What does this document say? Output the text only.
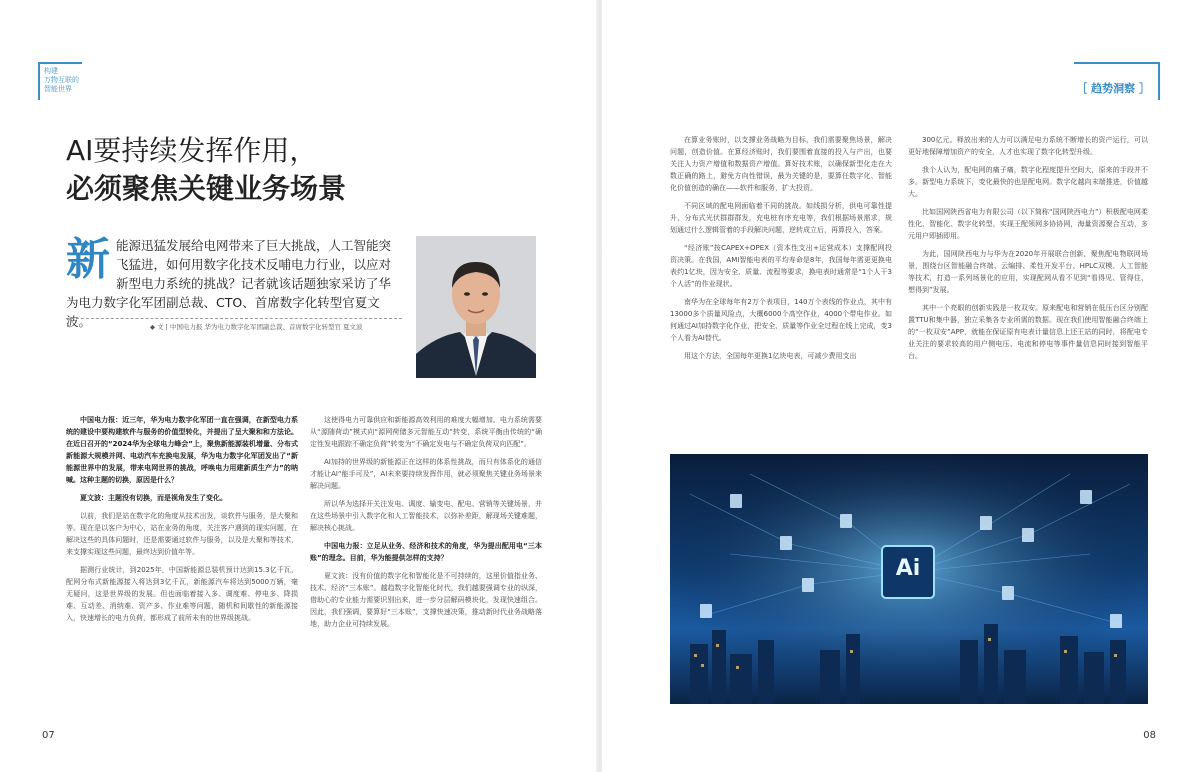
构建
万物互联的
智能世界
AI要持续发挥作用，
必须聚焦关键业务场景
新 能源迅猛发展给电网带来了巨大挑战，人工智能突飞猛进，如何用数字化技术反哺电力行业，以应对新型电力系统的挑战？记者就该话题独家采访了华为电力数字化军团副总裁、CTO、首席数字化转型官夏文波。	◆ 文 | 中国电力报 华为电力数字化军团副总裁、首席数字化转型官 夏文波

中国电力报：近三年，华为电力数字化军团一直在强调，在新型电力系统的建设中要构建软件与服务的价值型转化，并提出了呈大聚和和方法论。在近日召开的“2024华为全球电力峰会”上，聚焦新能源装机增量、分布式新能源大规模并网、电动汽车充换电发展，华为电力数字化军团发出了“新能源世界中的发展，带来电网世界的挑战，呼唤电力用建新质生产力”的呐喊。这种主题的切换，原因是什么？

夏文波：主题没有切换，而是视角发生了变化。

以前，我们是站在数字化的角度从技术出发，谈软件与服务，是大聚和等。现在是以客户为中心，站在业务的角度，关注客户遇到的现实问题，在解决这些的具体问题时，还是需要通过软件与服务，以及是大聚和等技术，来支撑实现这些问题，最终达到价值年等。

据测行业统计，到2025年，中国新能源总装机预计达到15.3亿千瓦，配网分布式新能源接入将达到3亿千瓦，新能源汽车将达到5000万辆，毫无疑问，这是世界级的发展。但也面临着接入多、调度难、停电多、降损难、互动差、消纳难、资产多、作业难等问题，随机和间歇性的新能源接入，快速增长的电力负荷，都形成了前所未有的世界级挑战。

这使得电力可靠供应和新能源高效利用的难度大幅增加。电力系统需要从“源随荷动”模式向“源网荷储多元智能互动”转变，系统平衡由传统的“确定性发电跟踪不确定负荷”转变为“不确定发电与不确定负荷双向匹配”。

AI加持的世界级的新能源正在这样的体系性挑战，而只有体系化的通信才能让AI“能手可及”，AI未来要持续发挥作用，就必须聚焦关键业务场景来解决问题。

所以华为选择开关注发电、调度、输变电、配电、营销等关键场景，并在这些场景中引入数字化和人工智能技术，以弥补差距，解现场关键难题，解决核心挑战。

中国电力报：立足从业务、经济和技术的角度，华为提出配用电“三本账”的理念。目前，华为能提供怎样的支持？

夏文波：没有价值的数字化和智能化是不可持续的，这里价值指业务、技术、经济“三本账”。越趋数字化智能化时代，我们越要强调专业的纵深，借助心的专业能力需要识别出来，进一步分层解码模块化，发现快速组合。因此，我们强调，要算好“三本账”，支撑快速决策，推动新时代业务战略落地，助力企业可持续发展。

07
［ 趋势洞察 ］

在算业务账时，以支撑业务战略为目标，我们需要聚焦场景，解决问题，创造价值。在算经济账时，我们要围着直接的投入与产出，也要关注人力资产增值和数据资产增值。算好技术账，以确保新型化走在大数正确的路上，避免方向性错误，最为关键的是，要算任数字化、智能化价值创造的确在——软件和服务，扩大投资。

不同区域的配电网面临着不同的挑战。如线损分析，供电可靠性提升，分布式光伏群群群发，充电桩有序充电等，我们根据场景需求，规划通过什么逻辑管着的手段解决问题，逆转成立后，再算投入，答案。

“经济账”按CAPEX+OPEX（资本性支出+运营成本）支撑配网投资决策。在我国，AMI智能电表的平均寿命是8年，我国每年需更更换电表约1亿块，因为安全、质量、流程等要求，换电表时通常是“1个人干3个人活”的作业现状。

南华为在全球每年有2万个表项目，140万个表线的作业点，其中有13000多个质量风险点，大概6000个高空作业，4000个带电作业。如何通过AI加持数字化作业，把安全、质量等作业全过程在线上完成，变3个人看为AI替代。

用这个方法，全国每年更换1亿块电表，可减少费用支出

300亿元。释放出来的人力可以满足电力系统不断增长的资产运行，可以更好地保障增加资产的安全，人才也实现了数字化转型升级。

我个人认为，配电网的痛子痛，数字化程度提升空间大，原来的手段并不多。新型电力系统下，变化最快的也是配电网。数字化越向末端推进，价值越大。

比如国网陕西省电力有限公司（以下简称“国网陕西电力”）积极配电网柔性化、智能化、数字化转型，实现王配领网多协协网，海量资源聚合互动，多元用户即插即用。

为此，国网陕西电力与华为在2020年开展联合创新，聚焦配电物联网场景，围绕台区智能融合终端、云编排、柔性开发平台、HPLC双模、人工智能等技术，打造一系列场景化的应用，实现配网从看不见到“看得见、管得住、想得到”发展。

其中一个亮眼的创新实践是一枚双安。原来配电和营销在低压台区分别配置TTU和集中器，独立采集各专业所需的数据。现在我们使用智能融合终端上的“一枚双安”APP，就能在保证原有电表计量信息上还王站的同时，将配电专业关注的要求较高的用户侧电压、电流和停电等事件量信息同时接到智能平台。

08
Ai
